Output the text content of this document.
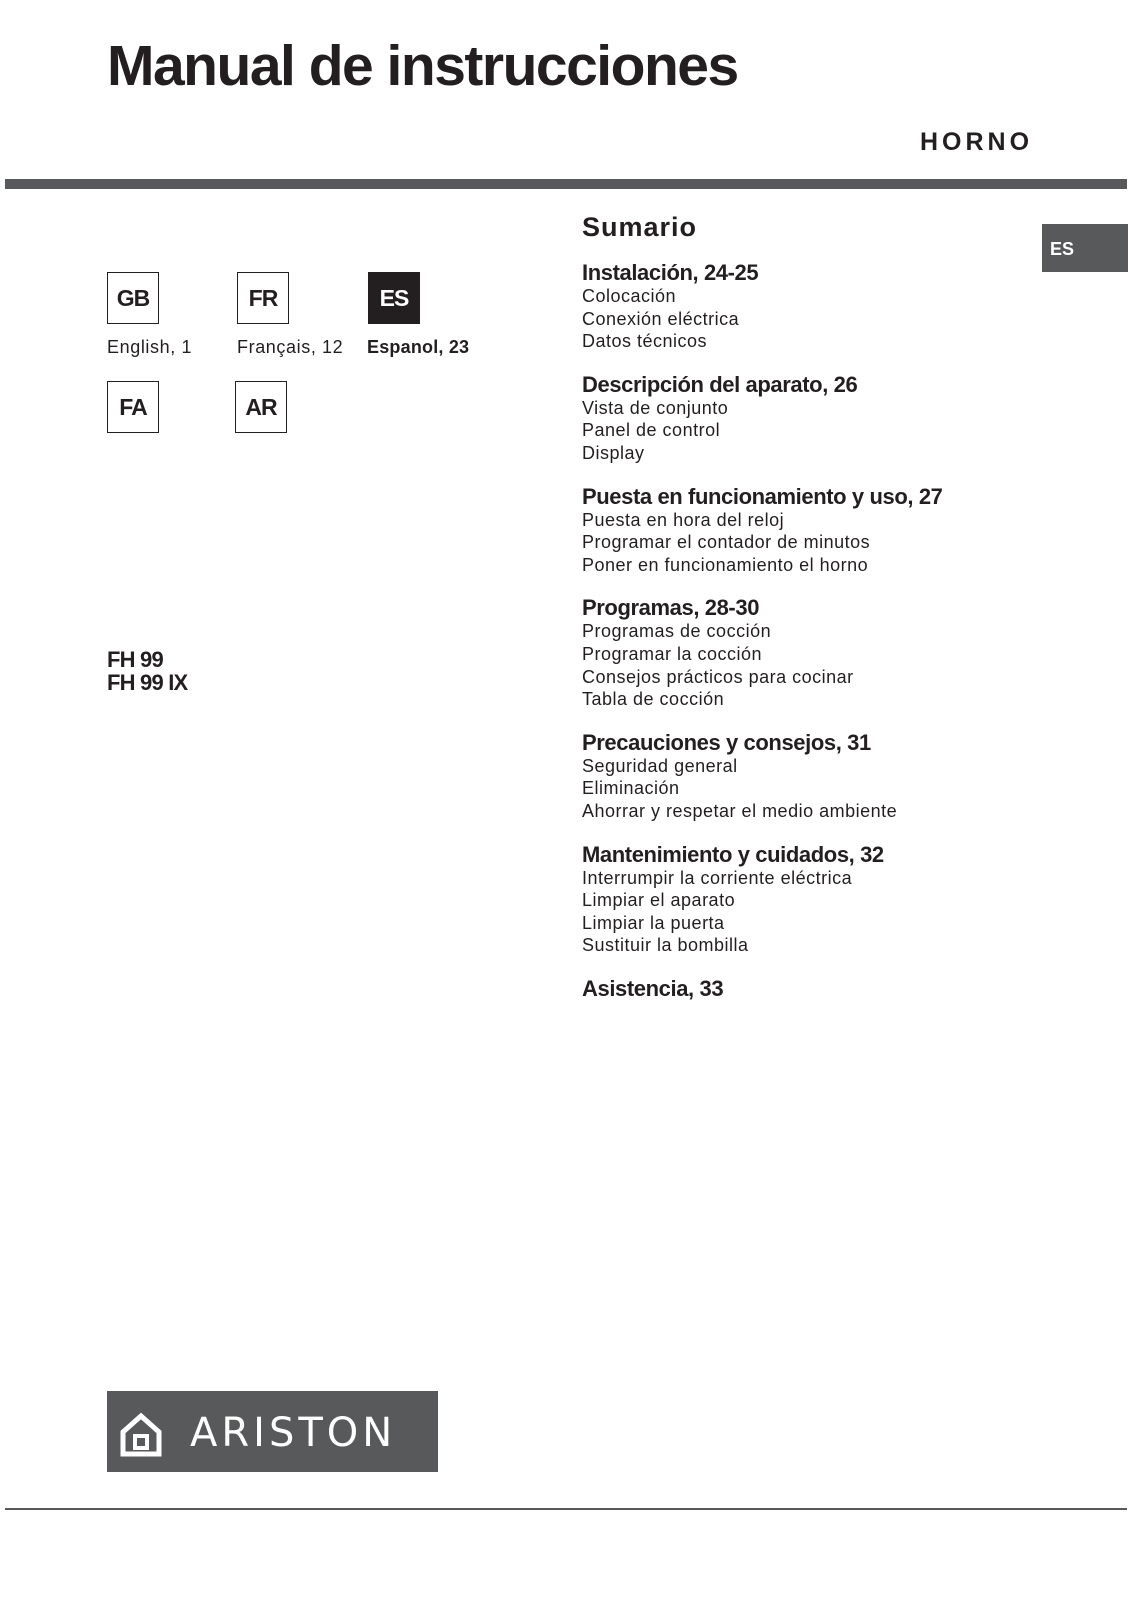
Manual de instrucciones
HORNO
ES
GB	FR	ES
English, 1 Français, 12 Espanol, 23
FA	AR
FH 99
FH 99 IX
Sumario
Instalación, 24-25
Colocación
Conexión eléctrica
Datos técnicos
Descripción del aparato, 26
Vista de conjunto
Panel de control
Display
Puesta en funcionamiento y uso, 27
Puesta en hora del reloj
Programar el contador de minutos
Poner en funcionamiento el horno
Programas, 28-30
Programas de cocción
Programar la cocción
Consejos prácticos para cocinar
Tabla de cocción
Precauciones y consejos, 31
Seguridad general
Eliminación
Ahorrar y respetar el medio ambiente
Mantenimiento y cuidados, 32
Interrumpir la corriente eléctrica
Limpiar el aparato
Limpiar la puerta
Sustituir la bombilla
Asistencia, 33
ARISTON
